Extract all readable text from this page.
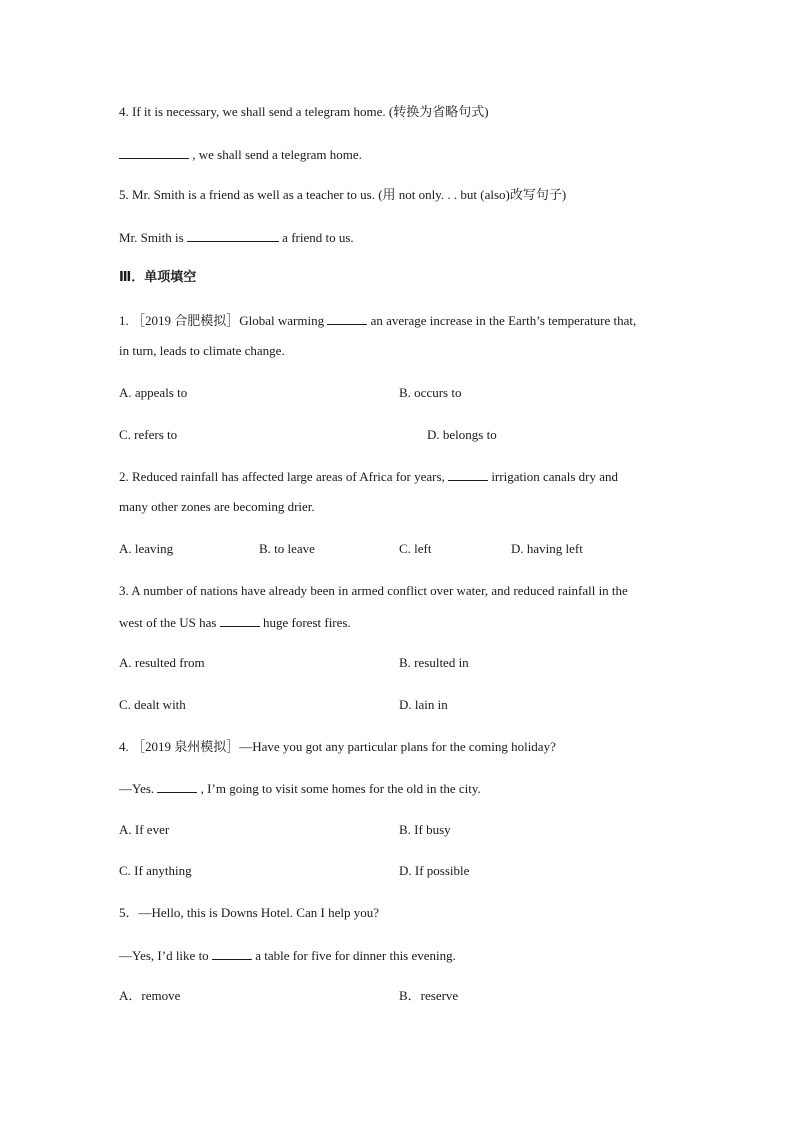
4. If it is necessary, we shall send a telegram home. (转换为省略句式)
, we shall send a telegram home.
5. Mr. Smith is a friend as well as a teacher to us. (用 not only. . . but (also)改写句子)
Mr. Smith is	a friend to us.
Ⅲ．单项填空
1. ［2019 合肥模拟］Global warming	an average increase in the Earth’s temperature that,
in turn, leads to climate change.
A. appeals to	B. occurs to
C. refers to	D. belongs to
2. Reduced rainfall has affected large areas of Africa for years,	irrigation canals dry and
many other zones are becoming drier.
A. leaving	B. to leave	C. left	D. having left
3. A number of nations have already been in armed conflict over water, and reduced rainfall in the
west of the US has	huge forest fires.
A. resulted from	B. resulted in
C. dealt with	D. lain in
4. ［2019 泉州模拟］—Have you got any particular plans for the coming holiday?
—Yes.	, I’m going to visit some homes for the old in the city.
A. If ever	B. If busy
C. If anything	D. If possible
5．—Hello, this is Downs Hotel. Can I help you?
—Yes, I’d like to	a table for five for dinner this evening.
A．remove	B．reserve
